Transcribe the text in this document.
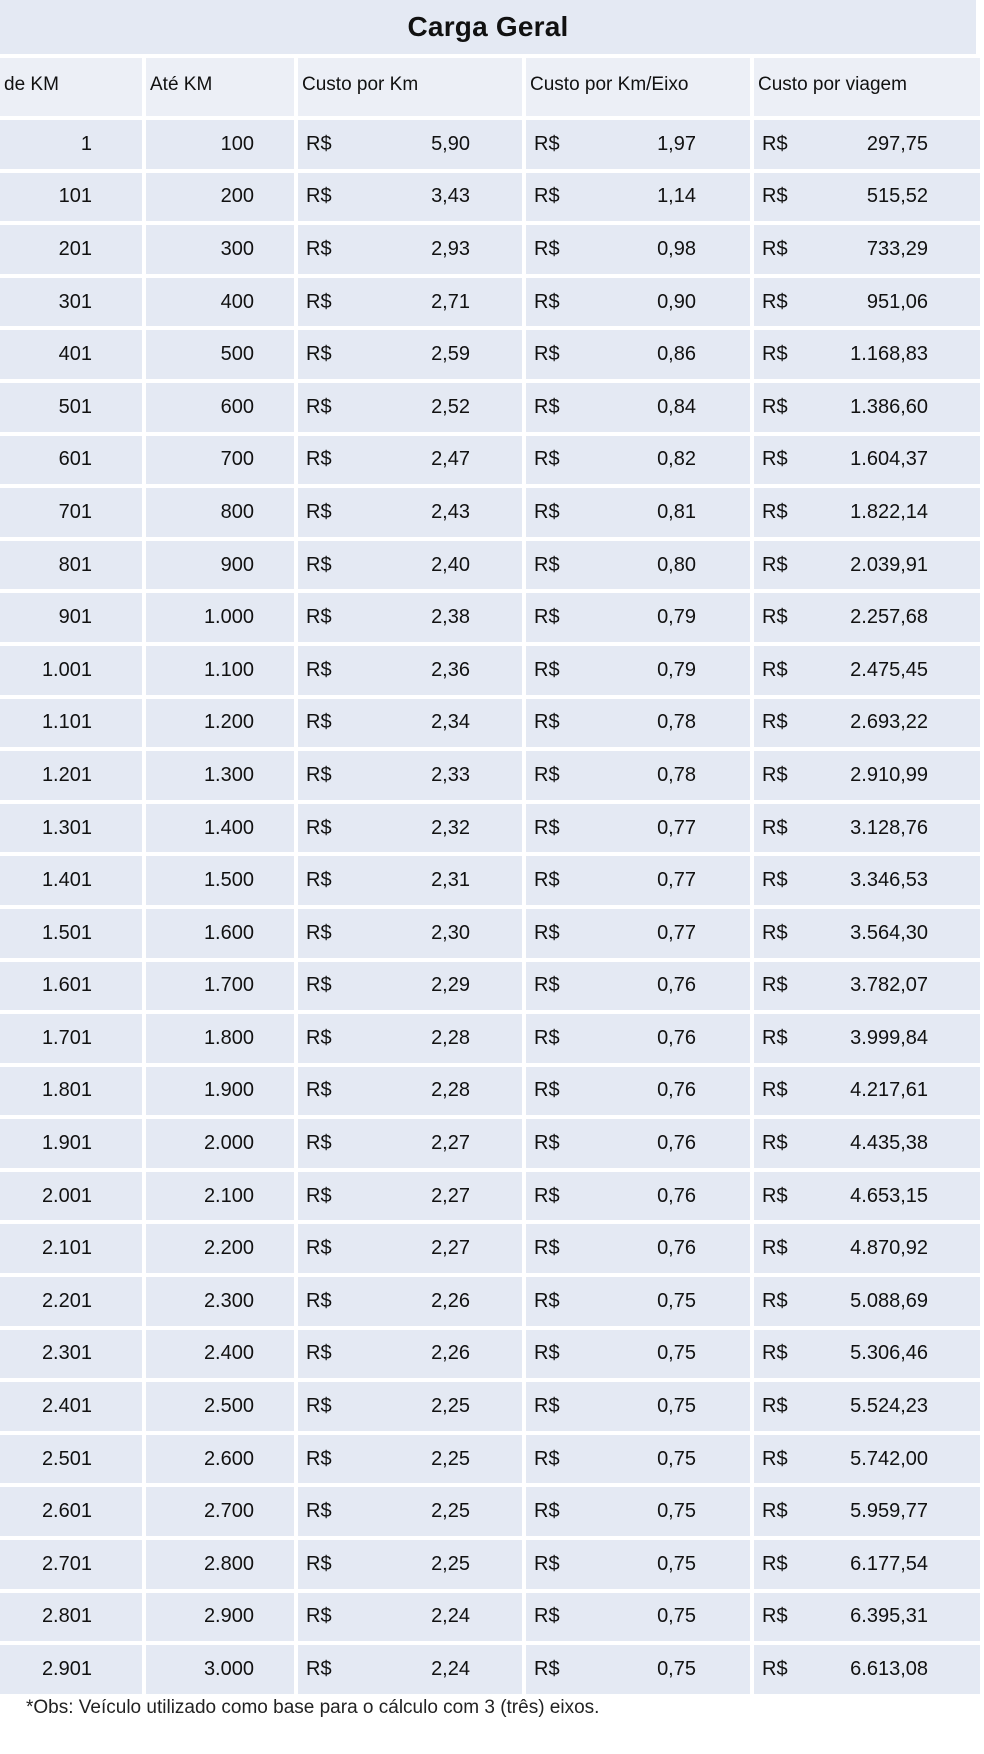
Carga Geral
de KM	Até KM	Custo por Km	Custo por Km/Eixo	Custo por viagem
1	100	R$	5,90	R$	1,97	R$	297,75
101	200	R$	3,43	R$	1,14	R$	515,52
201	300	R$	2,93	R$	0,98	R$	733,29
301	400	R$	2,71	R$	0,90	R$	951,06
401	500	R$	2,59	R$	0,86	R$	1.168,83
501	600	R$	2,52	R$	0,84	R$	1.386,60
601	700	R$	2,47	R$	0,82	R$	1.604,37
701	800	R$	2,43	R$	0,81	R$	1.822,14
801	900	R$	2,40	R$	0,80	R$	2.039,91
901	1.000	R$	2,38	R$	0,79	R$	2.257,68
1.001	1.100	R$	2,36	R$	0,79	R$	2.475,45
1.101	1.200	R$	2,34	R$	0,78	R$	2.693,22
1.201	1.300	R$	2,33	R$	0,78	R$	2.910,99
1.301	1.400	R$	2,32	R$	0,77	R$	3.128,76
1.401	1.500	R$	2,31	R$	0,77	R$	3.346,53
1.501	1.600	R$	2,30	R$	0,77	R$	3.564,30
1.601	1.700	R$	2,29	R$	0,76	R$	3.782,07
1.701	1.800	R$	2,28	R$	0,76	R$	3.999,84
1.801	1.900	R$	2,28	R$	0,76	R$	4.217,61
1.901	2.000	R$	2,27	R$	0,76	R$	4.435,38
2.001	2.100	R$	2,27	R$	0,76	R$	4.653,15
2.101	2.200	R$	2,27	R$	0,76	R$	4.870,92
2.201	2.300	R$	2,26	R$	0,75	R$	5.088,69
2.301	2.400	R$	2,26	R$	0,75	R$	5.306,46
2.401	2.500	R$	2,25	R$	0,75	R$	5.524,23
2.501	2.600	R$	2,25	R$	0,75	R$	5.742,00
2.601	2.700	R$	2,25	R$	0,75	R$	5.959,77
2.701	2.800	R$	2,25	R$	0,75	R$	6.177,54
2.801	2.900	R$	2,24	R$	0,75	R$	6.395,31
2.901	3.000	R$	2,24	R$	0,75	R$	6.613,08
*Obs: Veículo utilizado como base para o cálculo com 3 (três) eixos.
